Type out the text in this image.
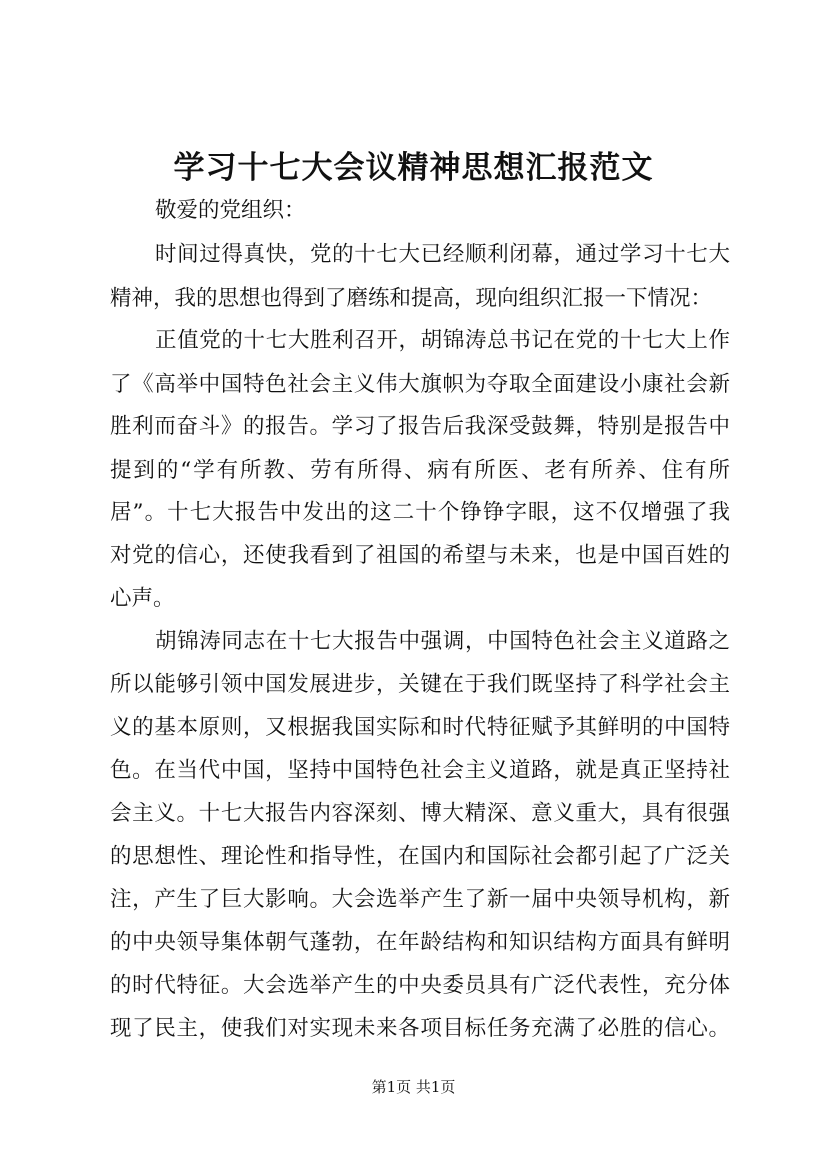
学习十七大会议精神思想汇报范文
敬爱的党组织：
时间过得真快，党的十七大已经顺利闭幕，通过学习十七大
精神，我的思想也得到了磨练和提高，现向组织汇报一下情况：
正值党的十七大胜利召开，胡锦涛总书记在党的十七大上作
了《高举中国特色社会主义伟大旗帜为夺取全面建设小康社会新
胜利而奋斗》的报告。学习了报告后我深受鼓舞，特别是报告中
提到的“学有所教、劳有所得、病有所医、老有所养、住有所
居”。十七大报告中发出的这二十个铮铮字眼，这不仅增强了我
对党的信心，还使我看到了祖国的希望与未来，也是中国百姓的
心声。
胡锦涛同志在十七大报告中强调，中国特色社会主义道路之
所以能够引领中国发展进步，关键在于我们既坚持了科学社会主
义的基本原则，又根据我国实际和时代特征赋予其鲜明的中国特
色。在当代中国，坚持中国特色社会主义道路，就是真正坚持社
会主义。十七大报告内容深刻、博大精深、意义重大，具有很强
的思想性、理论性和指导性，在国内和国际社会都引起了广泛关
注，产生了巨大影响。大会选举产生了新一届中央领导机构，新
的中央领导集体朝气蓬勃，在年龄结构和知识结构方面具有鲜明
的时代特征。大会选举产生的中央委员具有广泛代表性，充分体
现了民主，使我们对实现未来各项目标任务充满了必胜的信心。
第1页 共1页
